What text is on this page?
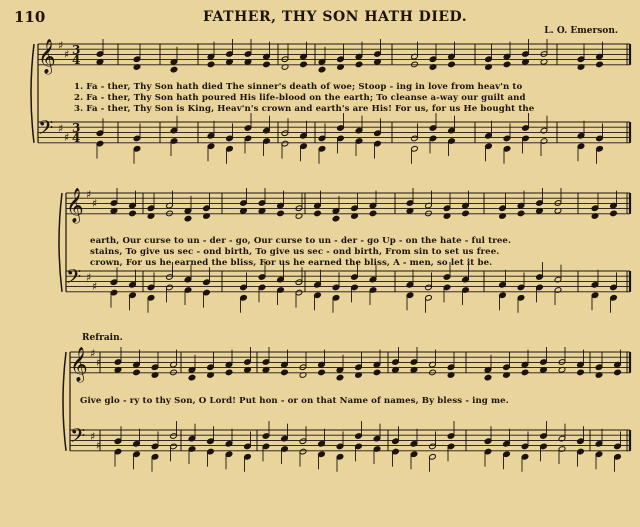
110	FATHER, THY SON HATH DIED.
L. O. Emerson.
Refrain.
𝄞
𝄢
♯
♯
♯
♯
3
4
3
4
𝄞
𝄢
♯
♯
♯
♯
𝄞
𝄢
♯
♯
♯
♯
1. Fa - ther, Thy Son hath died The sinner's death of woe; Stoop - ing in love from heav'n to
2. Fa - ther, Thy Son hath poured His life-blood on the earth; To cleanse a-way our guilt and
3. Fa - ther, Thy Son is King, Heav'n's crown and earth's are His! For us, for us He bought the
earth, Our curse to un - der - go, Our curse to un - der - go Up - on the hate - ful tree.
stains, To give us sec - ond birth, To give us sec - ond birth, From sin to set us free.
crown, For us he earned the bliss, For us he earned the bliss, A - men, so let it be.
Give glo - ry to thy Son, O Lord! Put hon - or on that Name of names, By bless - ing me.
